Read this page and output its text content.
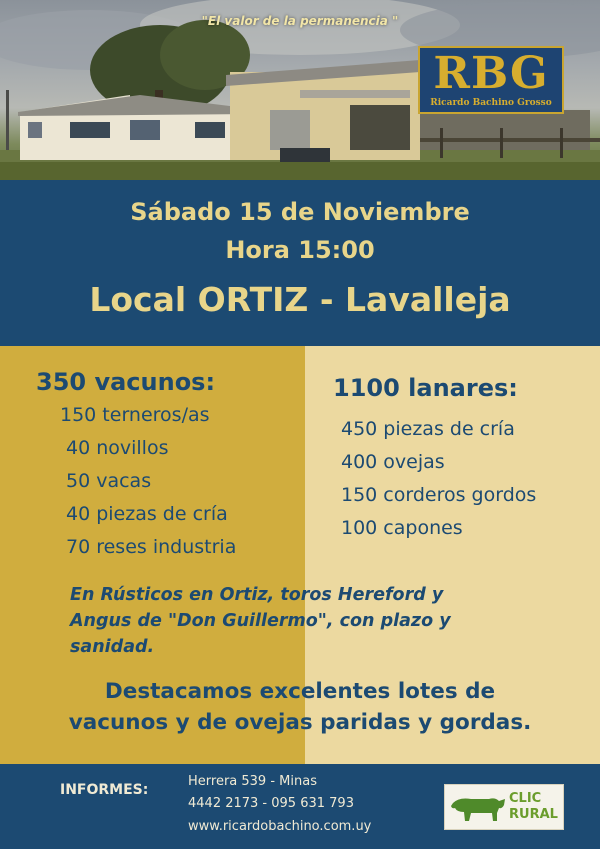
"El valor de la permanencia "
RBG
Ricardo Bachino Grosso
Sábado 15 de Noviembre
Hora 15:00
Local ORTIZ - Lavalleja
350 vacunos:
150 terneros/as
40 novillos
50 vacas
40 piezas de cría
70 reses industria
1100 lanares:
450 piezas de cría
400 ovejas
150 corderos gordos
100 capones
En Rústicos en Ortiz, toros Hereford y
Angus de "Don Guillermo", con plazo y
sanidad.
Destacamos excelentes lotes de
vacunos y de ovejas paridas y gordas.
INFORMES:
Herrera 539 - Minas
4442 2173 - 095 631 793
www.ricardobachino.com.uy
CLIC
RURAL
